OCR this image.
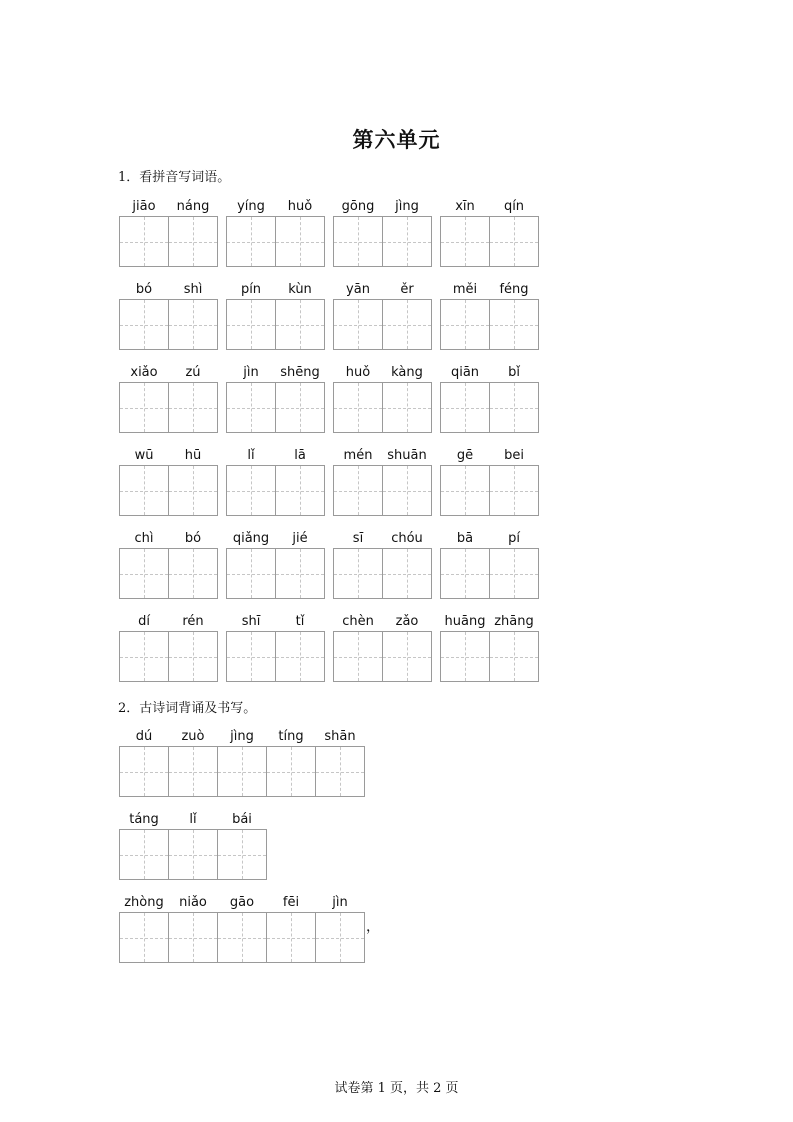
第六单元
1．看拼音写词语。
jiāo	náng	yíng	huǒ	gōng	jìng	xīn	qín
bó	shì	pín	kùn	yān	ěr	měi	féng
xiǎo	zú	jìn	shēng	huǒ	kàng	qiān	bǐ
wū	hū	lǐ	lā	mén	shuān	gē	bei
chì	bó	qiǎng	jié	sī	chóu	bā	pí
dí	rén	shī	tǐ	chèn	zǎo	huāng zhāng
2．古诗词背诵及书写。
dú	zuò	jìng	tíng	shān
táng	lǐ	bái
zhòng	niǎo	gāo	fēi	jìn
，
试卷第 1 页，共 2 页
